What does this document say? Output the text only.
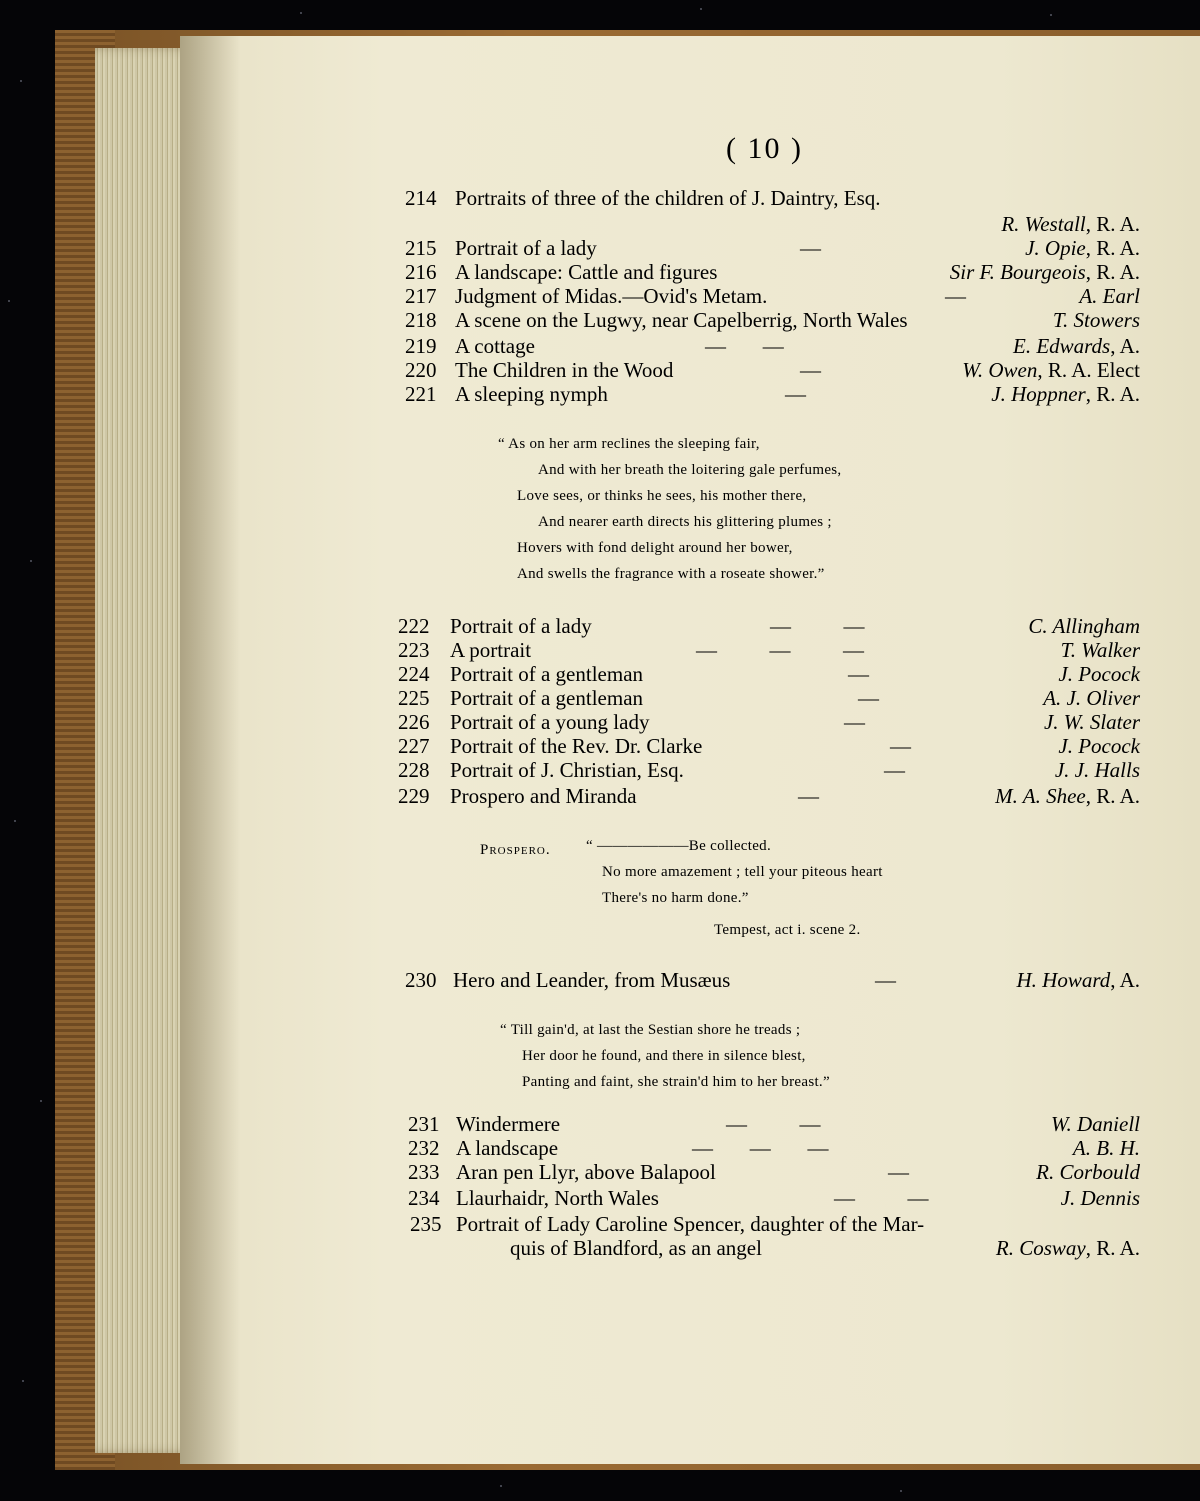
( 10 )
214 Portraits of three of the children of J. Daintry, Esq.
R. Westall, R. A.
215 Portrait of a lady	—	J. Opie, R. A.
216 A landscape: Cattle and figures	Sir F. Bourgeois, R. A.
217 Judgment of Midas.—Ovid's Metam.	—	A. Earl
218 A scene on the Lugwy, near Capelberrig, North Wales	T. Stowers
219 A cottage	—       —	E. Edwards, A.
220 The Children in the Wood	—	W. Owen, R. A. Elect
221 A sleeping nymph	—	J. Hoppner, R. A.
“ As on her arm reclines the sleeping fair,
And with her breath the loitering gale perfumes,
Love sees, or thinks he sees, his mother there,
And nearer earth directs his glittering plumes ;
Hovers with fond delight around her bower,
And swells the fragrance with a roseate shower.”
222 Portrait of a lady	—          —	C. Allingham
223 A portrait	—          —          —	T. Walker
224 Portrait of a gentleman	—	J. Pocock
225 Portrait of a gentleman	—	A. J. Oliver
226 Portrait of a young lady	—	J. W. Slater
227 Portrait of the Rev. Dr. Clarke	—	J. Pocock
228 Portrait of J. Christian, Esq.	—	J. J. Halls
229 Prospero and Miranda	—	M. A. Shee, R. A.
Prospero. “ ——————Be collected.
No more amazement ; tell your piteous heart
There's no harm done.”
Tempest, act i. scene 2.
230 Hero and Leander, from Musæus	—	H. Howard, A.
“ Till gain'd, at last the Sestian shore he treads ;
Her door he found, and there in silence blest,
Panting and faint, she strain'd him to her breast.”
231 Windermere	—          —	W. Daniell
232 A landscape	—       —       —	A. B. H.
233 Aran pen Llyr, above Balapool	—	R. Corbould
234 Llaurhaidr, North Wales	—          —	J. Dennis
235 Portrait of Lady Caroline Spencer, daughter of the Mar-
quis of Blandford, as an angel	R. Cosway, R. A.
